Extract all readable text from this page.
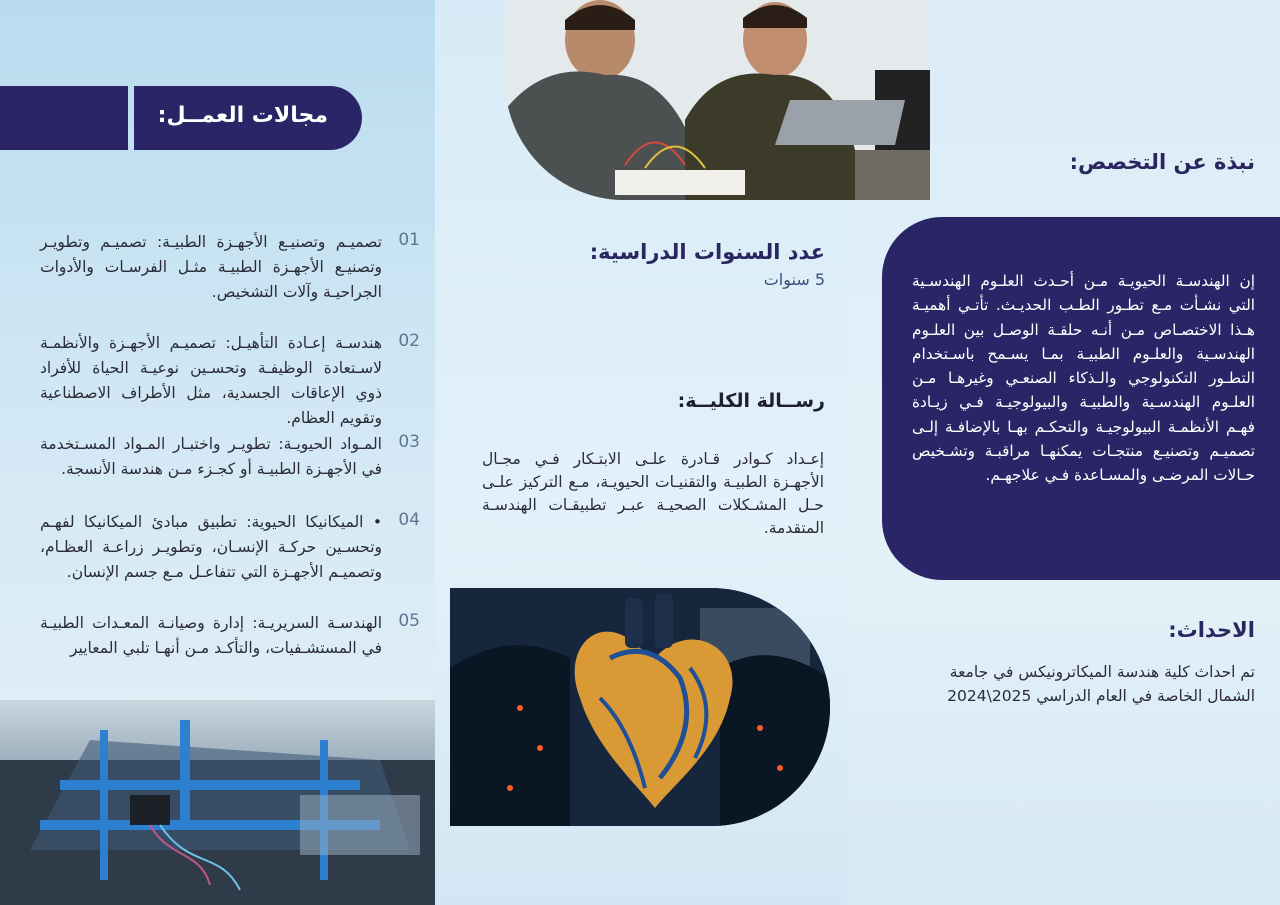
مجالات العمــل:
01
تصميـم وتصنيـع الأجهـزة الطبيـة: تصميـم وتطويـر وتصنيـع الأجهـزة الطبيـة مثـل الفرسـات والأدوات الجراحيـة وآلات التشخيص.
02
هندسـة إعـادة التأهيـل: تصميـم الأجهـزة والأنظمـة لاسـتعادة الوظيفـة وتحسـين نوعيـة الحياة للأفراد ذوي الإعاقات الجسدية، مثل الأطراف الاصطناعية وتقويم العظام.
03
المـواد الحيويـة: تطويـر واختبـار المـواد المسـتخدمة في الأجهـزة الطبيـة أو كجـزء مـن هندسة الأنسجة.
04
• الميكانيكا الحيوية: تطبيق مبادئ الميكانيكا لفهـم وتحسـين حركـة الإنسـان، وتطويـر زراعـة العظـام، وتصميـم الأجهـزة التي تتفاعـل مـع جسم الإنسان.
05
الهندسـة السريريـة: إدارة وصيانـة المعـدات الطبيـة في المستشـفيات، والتأكـد مـن أنهـا تلبي المعايير
عدد السنوات الدراسية:
5 سنوات
رســالة الكليــة:
إعـداد كـوادر قـادرة علـى الابتـكار فـي مجـال الأجهـزة الطبيـة والتقنيـات الحيويـة، مـع التركيز علـى حـل المشـكلات الصحيـة عبـر تطبيقـات الهندسـة المتقدمة.
نبذة عن التخصص:
إن الهندسـة الحيويـة مـن أحـدث العلـوم الهندسـية التي نشـأت مـع تطـور الطـب الحديـث. تأتـي أهميـة هـذا الاختصـاص مـن أنـه حلقـة الوصـل بين العلـوم الهندسـية والعلـوم الطبيـة بمـا يسـمح باسـتخدام التطـور التكنولوجي والـذكاء الصنعـي وغيرهـا مـن العلـوم الهندسـية والطبيـة والبيولوجيـة فـي زيـادة فهـم الأنظمـة البيولوجيـة والتحكـم بهـا بالإضافـة إلـى تصميـم وتصنيـع منتجـات يمكنهـا مراقبـة وتشـخيص حـالات المرضـى والمسـاعدة فـي علاجهـم.
الاحداث:
تم احداث كلية هندسة الميكاترونيكس في جامعة الشمال الخاصة في العام الدراسي 2025\2024
